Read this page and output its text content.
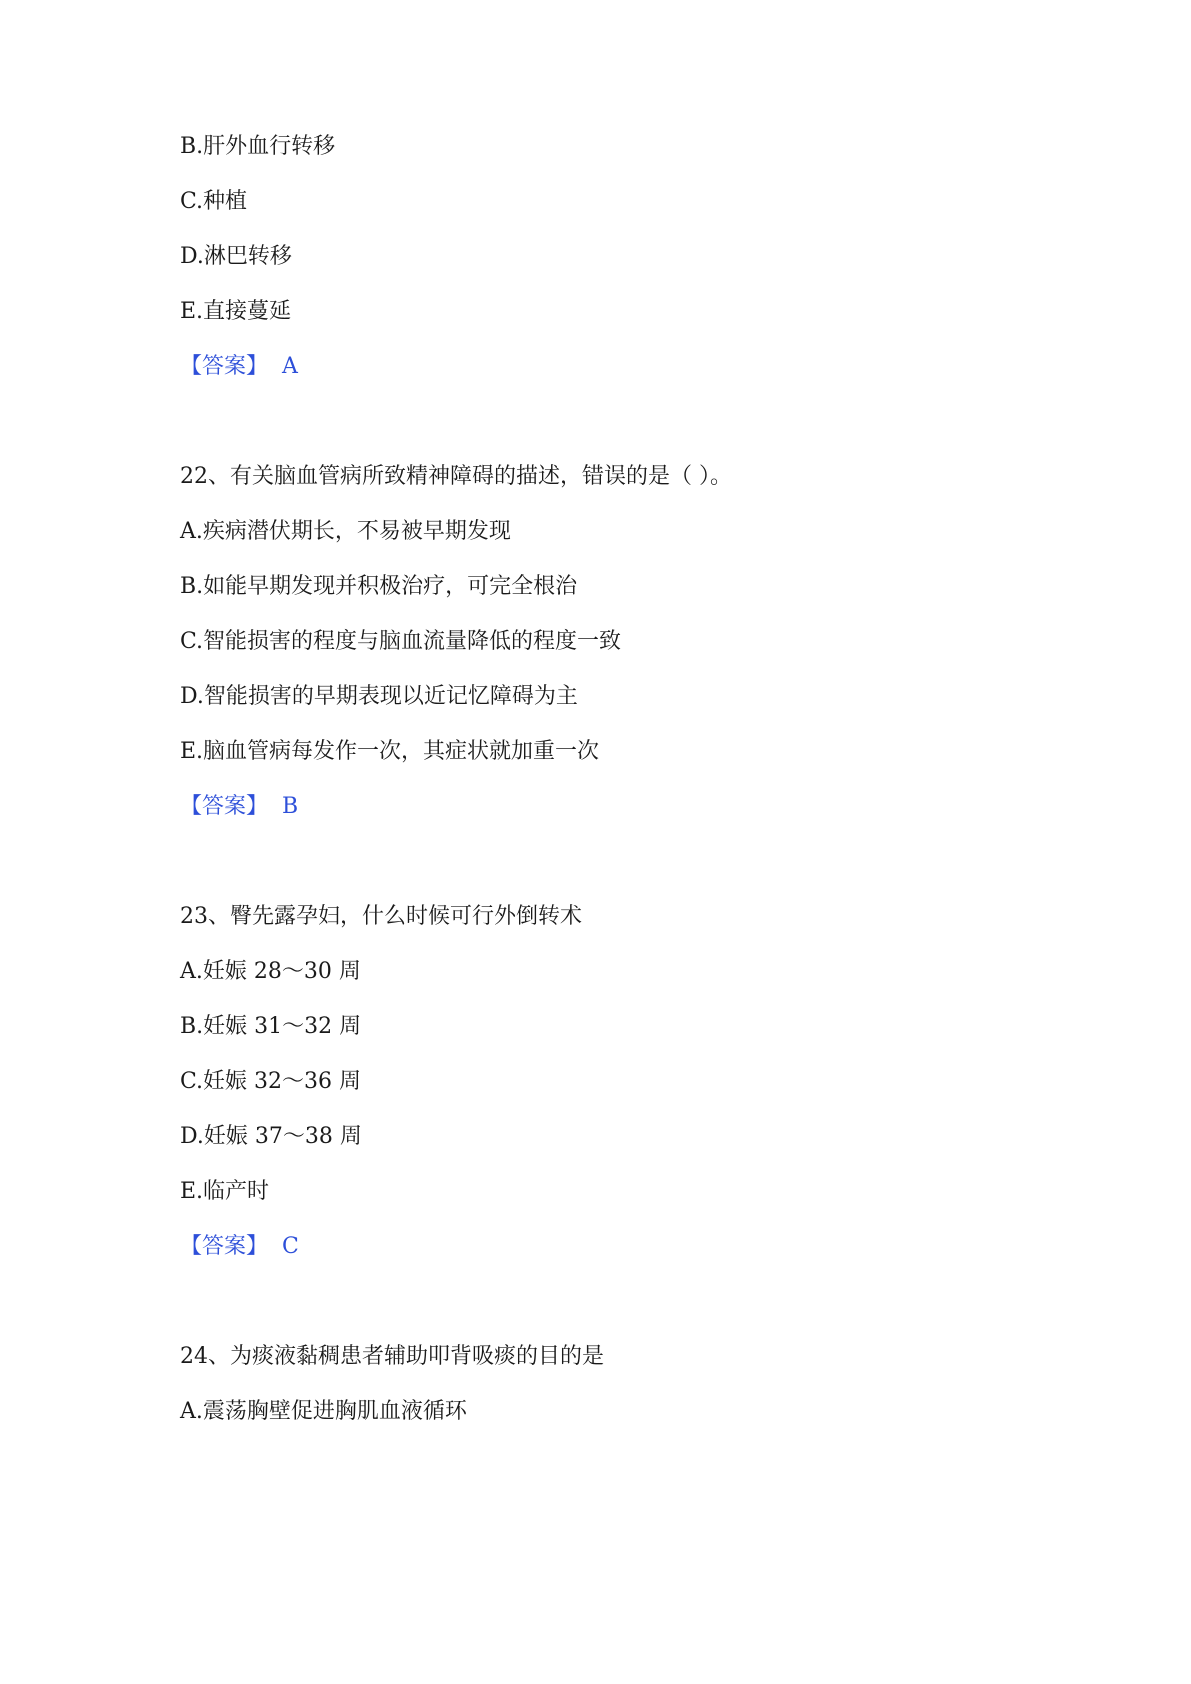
B.肝外血行转移
C.种植
D.淋巴转移
E.直接蔓延
【答案】 A
22、有关脑血管病所致精神障碍的描述，错误的是（ ）。
A.疾病潜伏期长，不易被早期发现
B.如能早期发现并积极治疗，可完全根治
C.智能损害的程度与脑血流量降低的程度一致
D.智能损害的早期表现以近记忆障碍为主
E.脑血管病每发作一次，其症状就加重一次
【答案】 B
23、臀先露孕妇，什么时候可行外倒转术
A.妊娠 28～30 周
B.妊娠 31～32 周
C.妊娠 32～36 周
D.妊娠 37～38 周
E.临产时
【答案】 C
24、为痰液黏稠患者辅助叩背吸痰的目的是
A.震荡胸壁促进胸肌血液循环
